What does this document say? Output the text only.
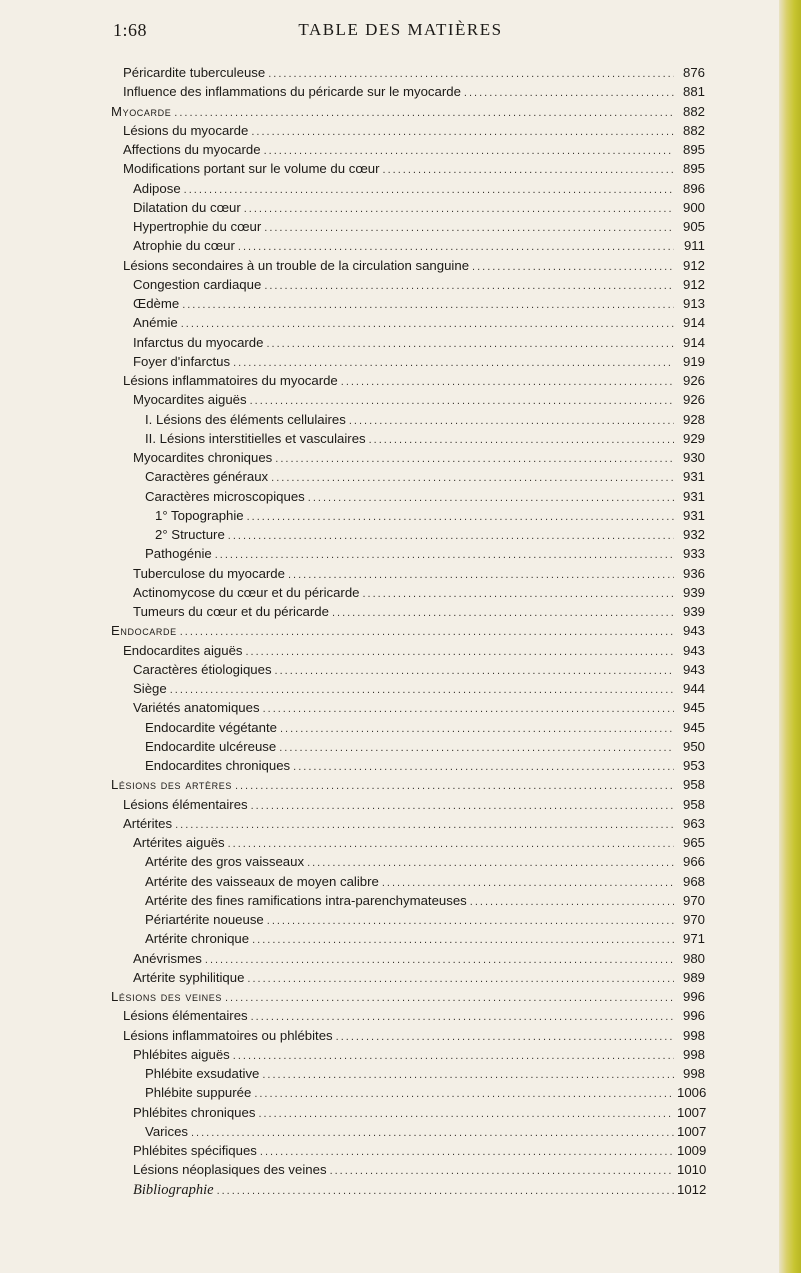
1:68	TABLE DES MATIÈRES
Péricardite tuberculeuse .....	876
Influence des inflammations du péricarde sur le myocarde .....	881
Myocarde .....	882
Lésions du myocarde .....	882
Affections du myocarde .....	895
Modifications portant sur le volume du cœur .....	895
Adipose .....	896
Dilatation du cœur .....	900
Hypertrophie du cœur .....	905
Atrophie du cœur .....	911
Lésions secondaires à un trouble de la circulation sanguine .....	912
Congestion cardiaque .....	912
Œdème .....	913
Anémie .....	914
Infarctus du myocarde .....	914
Foyer d'infarctus .....	919
Lésions inflammatoires du myocarde .....	926
Myocardites aiguës .....	926
I. Lésions des éléments cellulaires .....	928
II. Lésions interstitielles et vasculaires .....	929
Myocardites chroniques .....	930
Caractères généraux .....	931
Caractères microscopiques .....	931
1° Topographie .....	931
2° Structure .....	932
Pathogénie .....	933
Tuberculose du myocarde .....	936
Actinomycose du cœur et du péricarde .....	939
Tumeurs du cœur et du péricarde .....	939
Endocarde .....	943
Endocardites aiguës .....	943
Caractères étiologiques .....	943
Siège .....	944
Variétés anatomiques .....	945
Endocardite végétante .....	945
Endocardite ulcéreuse .....	950
Endocardites chroniques .....	953
Lésions des artères .....	958
Lésions élémentaires .....	958
Artérites .....	963
Artérites aiguës .....	965
Artérite des gros vaisseaux .....	966
Artérite des vaisseaux de moyen calibre .....	968
Artérite des fines ramifications intra-parenchymateuses .....	970
Périartérite noueuse .....	970
Artérite chronique .....	971
Anévrismes .....	980
Artérite syphilitique .....	989
Lésions des veines .....	996
Lésions élémentaires .....	996
Lésions inflammatoires ou phlébites .....	998
Phlébites aiguës .....	998
Phlébite exsudative .....	998
Phlébite suppurée .....	1006
Phlébites chroniques .....	1007
Varices .....	1007
Phlébites spécifiques .....	1009
Lésions néoplasiques des veines .....	1010
Bibliographie .....	1012
